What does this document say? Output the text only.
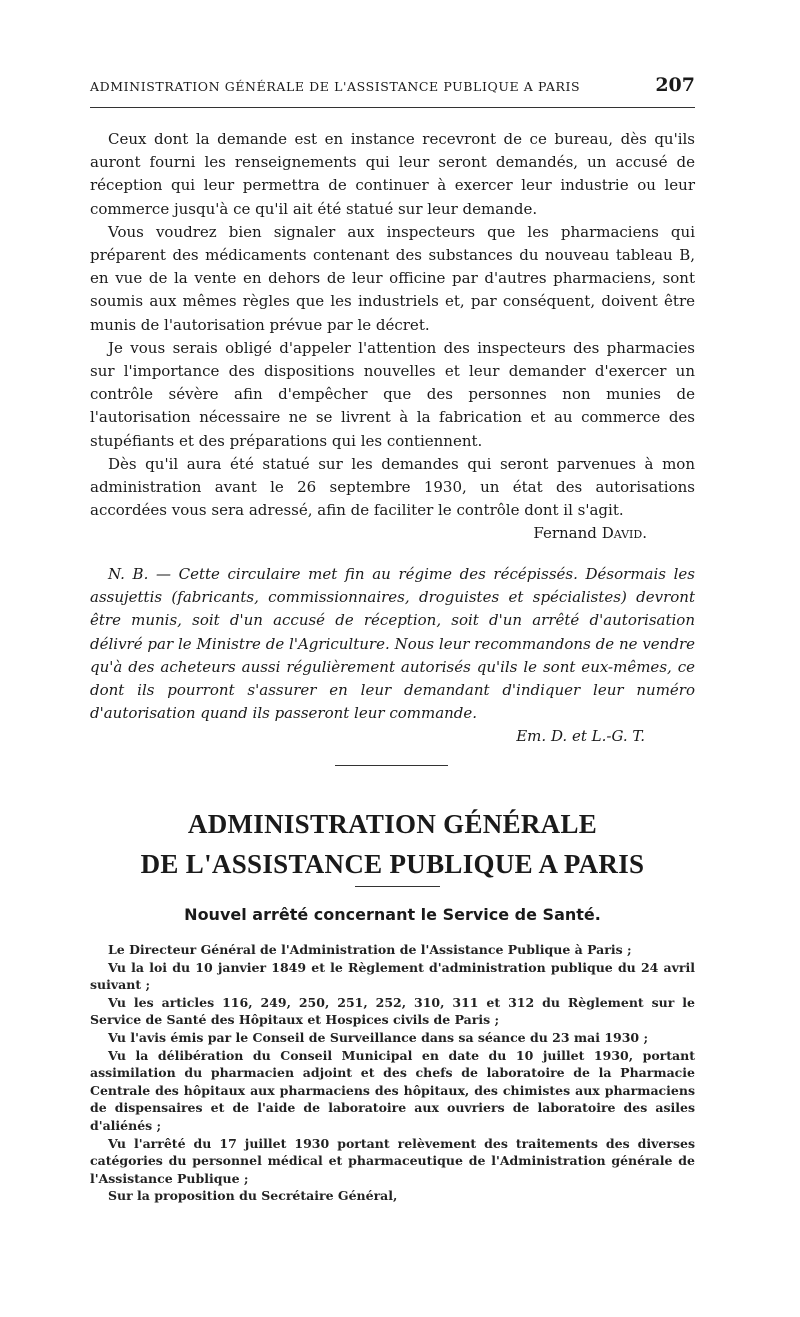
ADMINISTRATION GÉNÉRALE DE L'ASSISTANCE PUBLIQUE A PARIS	207

Ceux dont la demande est en instance recevront de ce bureau, dès qu'ils auront fourni les renseignements qui leur seront demandés, un accusé de réception qui leur permettra de continuer à exercer leur industrie ou leur commerce jusqu'à ce qu'il ait été statué sur leur demande.

Vous voudrez bien signaler aux inspecteurs que les pharmaciens qui préparent des médicaments contenant des substances du nouveau tableau B, en vue de la vente en dehors de leur officine par d'autres pharmaciens, sont soumis aux mêmes règles que les industriels et, par conséquent, doivent être munis de l'autorisation prévue par le décret.

Je vous serais obligé d'appeler l'attention des inspecteurs des pharmacies sur l'importance des dispositions nouvelles et leur demander d'exercer un contrôle sévère afin d'empêcher que des personnes non munies de l'autorisation nécessaire ne se livrent à la fabrication et au commerce des stupéfiants et des préparations qui les contiennent.

Dès qu'il aura été statué sur les demandes qui seront parvenues à mon administration avant le 26 septembre 1930, un état des autorisations accordées vous sera adressé, afin de faciliter le contrôle dont il s'agit.

Fernand David.

N. B. — Cette circulaire met fin au régime des récépissés. Désormais les assujettis (fabricants, commissionnaires, droguistes et spécialistes) devront être munis, soit d'un accusé de réception, soit d'un arrêté d'autorisation délivré par le Ministre de l'Agriculture. Nous leur recommandons de ne vendre qu'à des acheteurs aussi régulièrement autorisés qu'ils le sont eux-mêmes, ce dont ils pourront s'assurer en leur demandant d'indiquer leur numéro d'autorisation quand ils passeront leur commande.

Em. D. et L.-G. T.
ADMINISTRATION GÉNÉRALE
DE L'ASSISTANCE PUBLIQUE A PARIS
Nouvel arrêté concernant le Service de Santé.

Le Directeur Général de l'Administration de l'Assistance Publique à Paris ;

Vu la loi du 10 janvier 1849 et le Règlement d'administration publique du 24 avril suivant ;

Vu les articles 116, 249, 250, 251, 252, 310, 311 et 312 du Règlement sur le Service de Santé des Hôpitaux et Hospices civils de Paris ;

Vu l'avis émis par le Conseil de Surveillance dans sa séance du 23 mai 1930 ;

Vu la délibération du Conseil Municipal en date du 10 juillet 1930, portant assimilation du pharmacien adjoint et des chefs de laboratoire de la Pharmacie Centrale des hôpitaux aux pharmaciens des hôpitaux, des chimistes aux pharmaciens de dispensaires et de l'aide de laboratoire aux ouvriers de laboratoire des asiles d'aliénés ;

Vu l'arrêté du 17 juillet 1930 portant relèvement des traitements des diverses catégories du personnel médical et pharmaceutique de l'Administration générale de l'Assistance Publique ;

Sur la proposition du Secrétaire Général,
